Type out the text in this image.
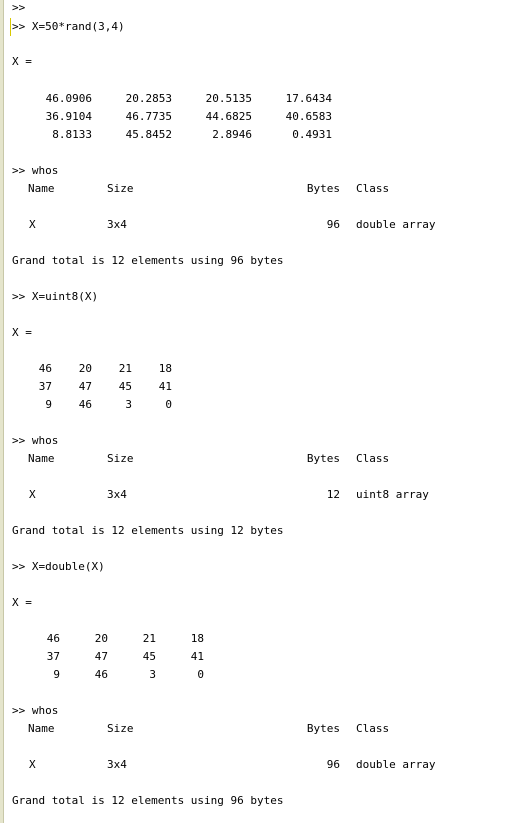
>>
>> X=50*rand(3,4)
X =
46.0906	20.2853	20.5135	17.6434
36.9104	46.7735	44.6825	40.6583
8.8133	45.8452	2.8946	0.4931
>> whos
Name	Size	Bytes Class
X	3x4	96 double array
Grand total is 12 elements using 96 bytes
>> X=uint8(X)
X =
46	20	21	18
37	47	45	41
9	46	3	0
>> whos
Name	Size	Bytes Class
X	3x4	12 uint8 array
Grand total is 12 elements using 12 bytes
>> X=double(X)
X =
46	20	21	18
37	47	45	41
9	46	3	0
>> whos
Name	Size	Bytes Class
X	3x4	96 double array
Grand total is 12 elements using 96 bytes
